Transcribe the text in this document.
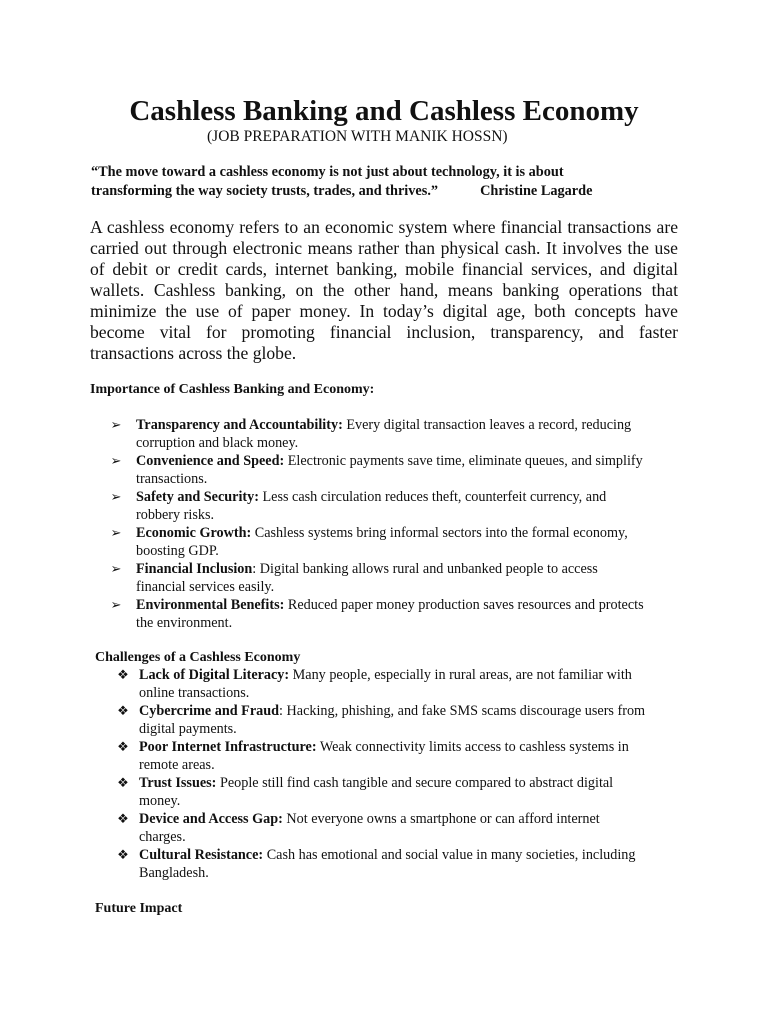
Cashless Banking and Cashless Economy

(JOB PREPARATION WITH MANIK HOSSN)

“The move toward a cashless economy is not just about technology, it is about
transforming the way society trusts, trades, and thrives.”	Christine Lagarde
A cashless economy refers to an economic system where financial transactions are
carried out through electronic means rather than physical cash. It involves the use
of debit or credit cards, internet banking, mobile financial services, and digital
wallets. Cashless banking, on the other hand, means banking operations that
minimize the use of paper money. In today’s digital age, both concepts have
become vital for promoting financial inclusion, transparency, and faster
transactions across the globe.
Importance of Cashless Banking and Economy:
➢ Transparency and Accountability: Every digital transaction leaves a record, reducing
corruption and black money.
➢ Convenience and Speed: Electronic payments save time, eliminate queues, and simplify
transactions.
➢ Safety and Security: Less cash circulation reduces theft, counterfeit currency, and
robbery risks.
➢ Economic Growth: Cashless systems bring informal sectors into the formal economy,
boosting GDP.
➢ Financial Inclusion: Digital banking allows rural and unbanked people to access
financial services easily.
➢ Environmental Benefits: Reduced paper money production saves resources and protects
the environment.
Challenges of a Cashless Economy
❖ Lack of Digital Literacy: Many people, especially in rural areas, are not familiar with
online transactions.
❖ Cybercrime and Fraud: Hacking, phishing, and fake SMS scams discourage users from
digital payments.
❖ Poor Internet Infrastructure: Weak connectivity limits access to cashless systems in
remote areas.
❖ Trust Issues: People still find cash tangible and secure compared to abstract digital
money.
❖ Device and Access Gap: Not everyone owns a smartphone or can afford internet
charges.
❖ Cultural Resistance: Cash has emotional and social value in many societies, including
Bangladesh.
Future Impact
